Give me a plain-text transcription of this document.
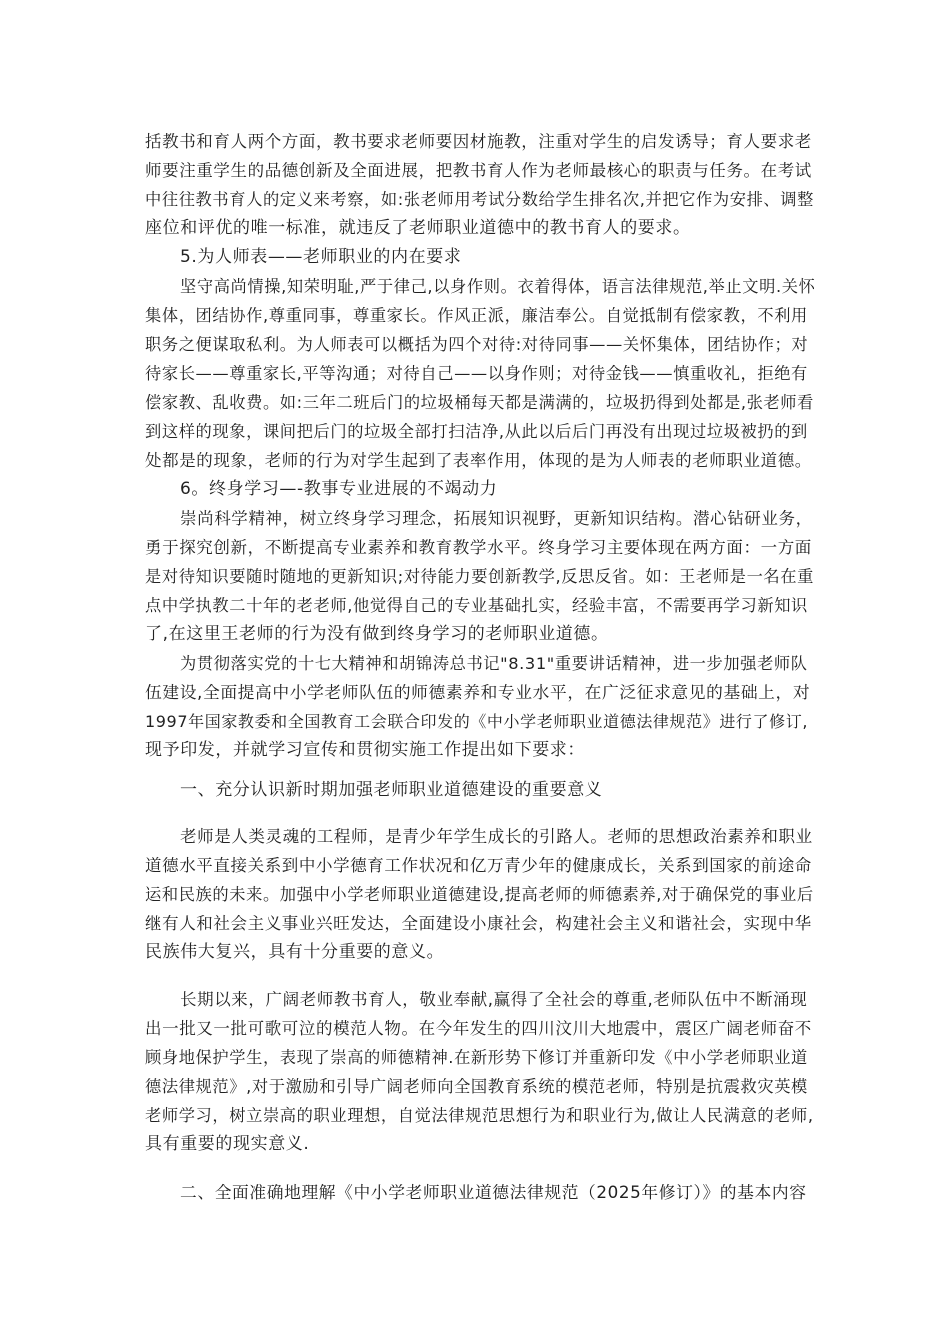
括教书和育人两个方面，教书要求老师要因材施教，注重对学生的启发诱导；育人要求老
师要注重学生的品德创新及全面进展，把教书育人作为老师最核心的职责与任务。在考试
中往往教书育人的定义来考察，如:张老师用考试分数给学生排名次,并把它作为安排、调整
座位和评优的唯一标准，就违反了老师职业道德中的教书育人的要求。
5.为人师表——老师职业的内在要求
坚守高尚情操,知荣明耻,严于律己,以身作则。衣着得体，语言法律规范,举止文明.关怀
集体，团结协作,尊重同事，尊重家长。作风正派，廉洁奉公。自觉抵制有偿家教，不利用
职务之便谋取私利。为人师表可以概括为四个对待:对待同事——关怀集体，团结协作；对
待家长——尊重家长,平等沟通；对待自己——以身作则；对待金钱——慎重收礼，拒绝有
偿家教、乱收费。如:三年二班后门的垃圾桶每天都是满满的，垃圾扔得到处都是,张老师看
到这样的现象，课间把后门的垃圾全部打扫洁净,从此以后后门再没有出现过垃圾被扔的到
处都是的现象，老师的行为对学生起到了表率作用，体现的是为人师表的老师职业道德。
6。终身学习—-教事专业进展的不竭动力
崇尚科学精神，树立终身学习理念，拓展知识视野，更新知识结构。潜心钻研业务，
勇于探究创新，不断提高专业素养和教育教学水平。终身学习主要体现在两方面：一方面
是对待知识要随时随地的更新知识;对待能力要创新教学,反思反省。如：王老师是一名在重
点中学执教二十年的老老师,他觉得自己的专业基础扎实，经验丰富，不需要再学习新知识
了,在这里王老师的行为没有做到终身学习的老师职业道德。
为贯彻落实党的十七大精神和胡锦涛总书记"8.31"重要讲话精神，进一步加强老师队
伍建设,全面提高中小学老师队伍的师德素养和专业水平，在广泛征求意见的基础上，对
1997年国家教委和全国教育工会联合印发的《中小学老师职业道德法律规范》进行了修订,
现予印发，并就学习宣传和贯彻实施工作提出如下要求：
一、充分认识新时期加强老师职业道德建设的重要意义
老师是人类灵魂的工程师，是青少年学生成长的引路人。老师的思想政治素养和职业
道德水平直接关系到中小学德育工作状况和亿万青少年的健康成长，关系到国家的前途命
运和民族的未来。加强中小学老师职业道德建设,提高老师的师德素养,对于确保党的事业后
继有人和社会主义事业兴旺发达，全面建设小康社会，构建社会主义和谐社会，实现中华
民族伟大复兴，具有十分重要的意义。
长期以来，广阔老师教书育人，敬业奉献,赢得了全社会的尊重,老师队伍中不断涌现
出一批又一批可歌可泣的模范人物。在今年发生的四川汶川大地震中，震区广阔老师奋不
顾身地保护学生，表现了崇高的师德精神.在新形势下修订并重新印发《中小学老师职业道
德法律规范》,对于激励和引导广阔老师向全国教育系统的模范老师，特别是抗震救灾英模
老师学习，树立崇高的职业理想，自觉法律规范思想行为和职业行为,做让人民满意的老师,
具有重要的现实意义.
二、全面准确地理解《中小学老师职业道德法律规范（2025年修订）》的基本内容
